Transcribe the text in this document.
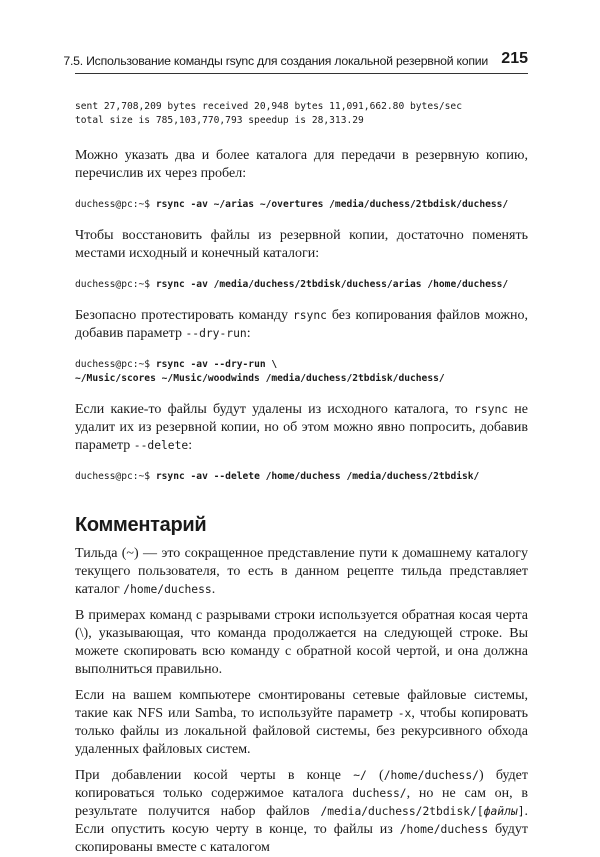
7.5. Использование команды rsync для создания локальной резервной копии 215
sent 27,708,209 bytes received 20,948 bytes 11,091,662.80 bytes/sec
total size is 785,103,770,793 speedup is 28,313.29

Можно указать два и более каталога для передачи в резервную копию, перечислив их через пробел:

duchess@pc:~$ rsync -av ~/arias ~/overtures /media/duchess/2tbdisk/duchess/

Чтобы восстановить файлы из резервной копии, достаточно поменять местами исходный и конечный каталоги:

duchess@pc:~$ rsync -av /media/duchess/2tbdisk/duchess/arias /home/duchess/

Безопасно протестировать команду rsync без копирования файлов можно, добавив параметр --dry-run:

duchess@pc:~$ rsync -av --dry-run \
~/Music/scores ~/Music/woodwinds /media/duchess/2tbdisk/duchess/

Если какие-то файлы будут удалены из исходного каталога, то rsync не удалит их из резервной копии, но об этом можно явно попросить, добавив параметр --delete:

duchess@pc:~$ rsync -av --delete /home/duchess /media/duchess/2tbdisk/
Комментарий

Тильда (~) — это сокращенное представление пути к домашнему каталогу текущего пользователя, то есть в данном рецепте тильда представляет каталог /home/duchess.

В примерах команд с разрывами строки используется обратная косая черта (\), указывающая, что команда продолжается на следующей строке. Вы можете скопировать всю команду с обратной косой чертой, и она должна выполниться правильно.

Если на вашем компьютере смонтированы сетевые файловые системы, такие как NFS или Samba, то используйте параметр -x, чтобы копировать только файлы из локальной файловой системы, без рекурсивного обхода удаленных файловых систем.

При добавлении косой черты в конце ~/ (/home/duchess/) будет копироваться только содержимое каталога duchess/, но не сам он, в результате получится набор файлов /media/duchess/2tbdisk/[файлы]. Если опустить косую черту в конце, то файлы из /home/duchess будут скопированы вместе с каталогом
